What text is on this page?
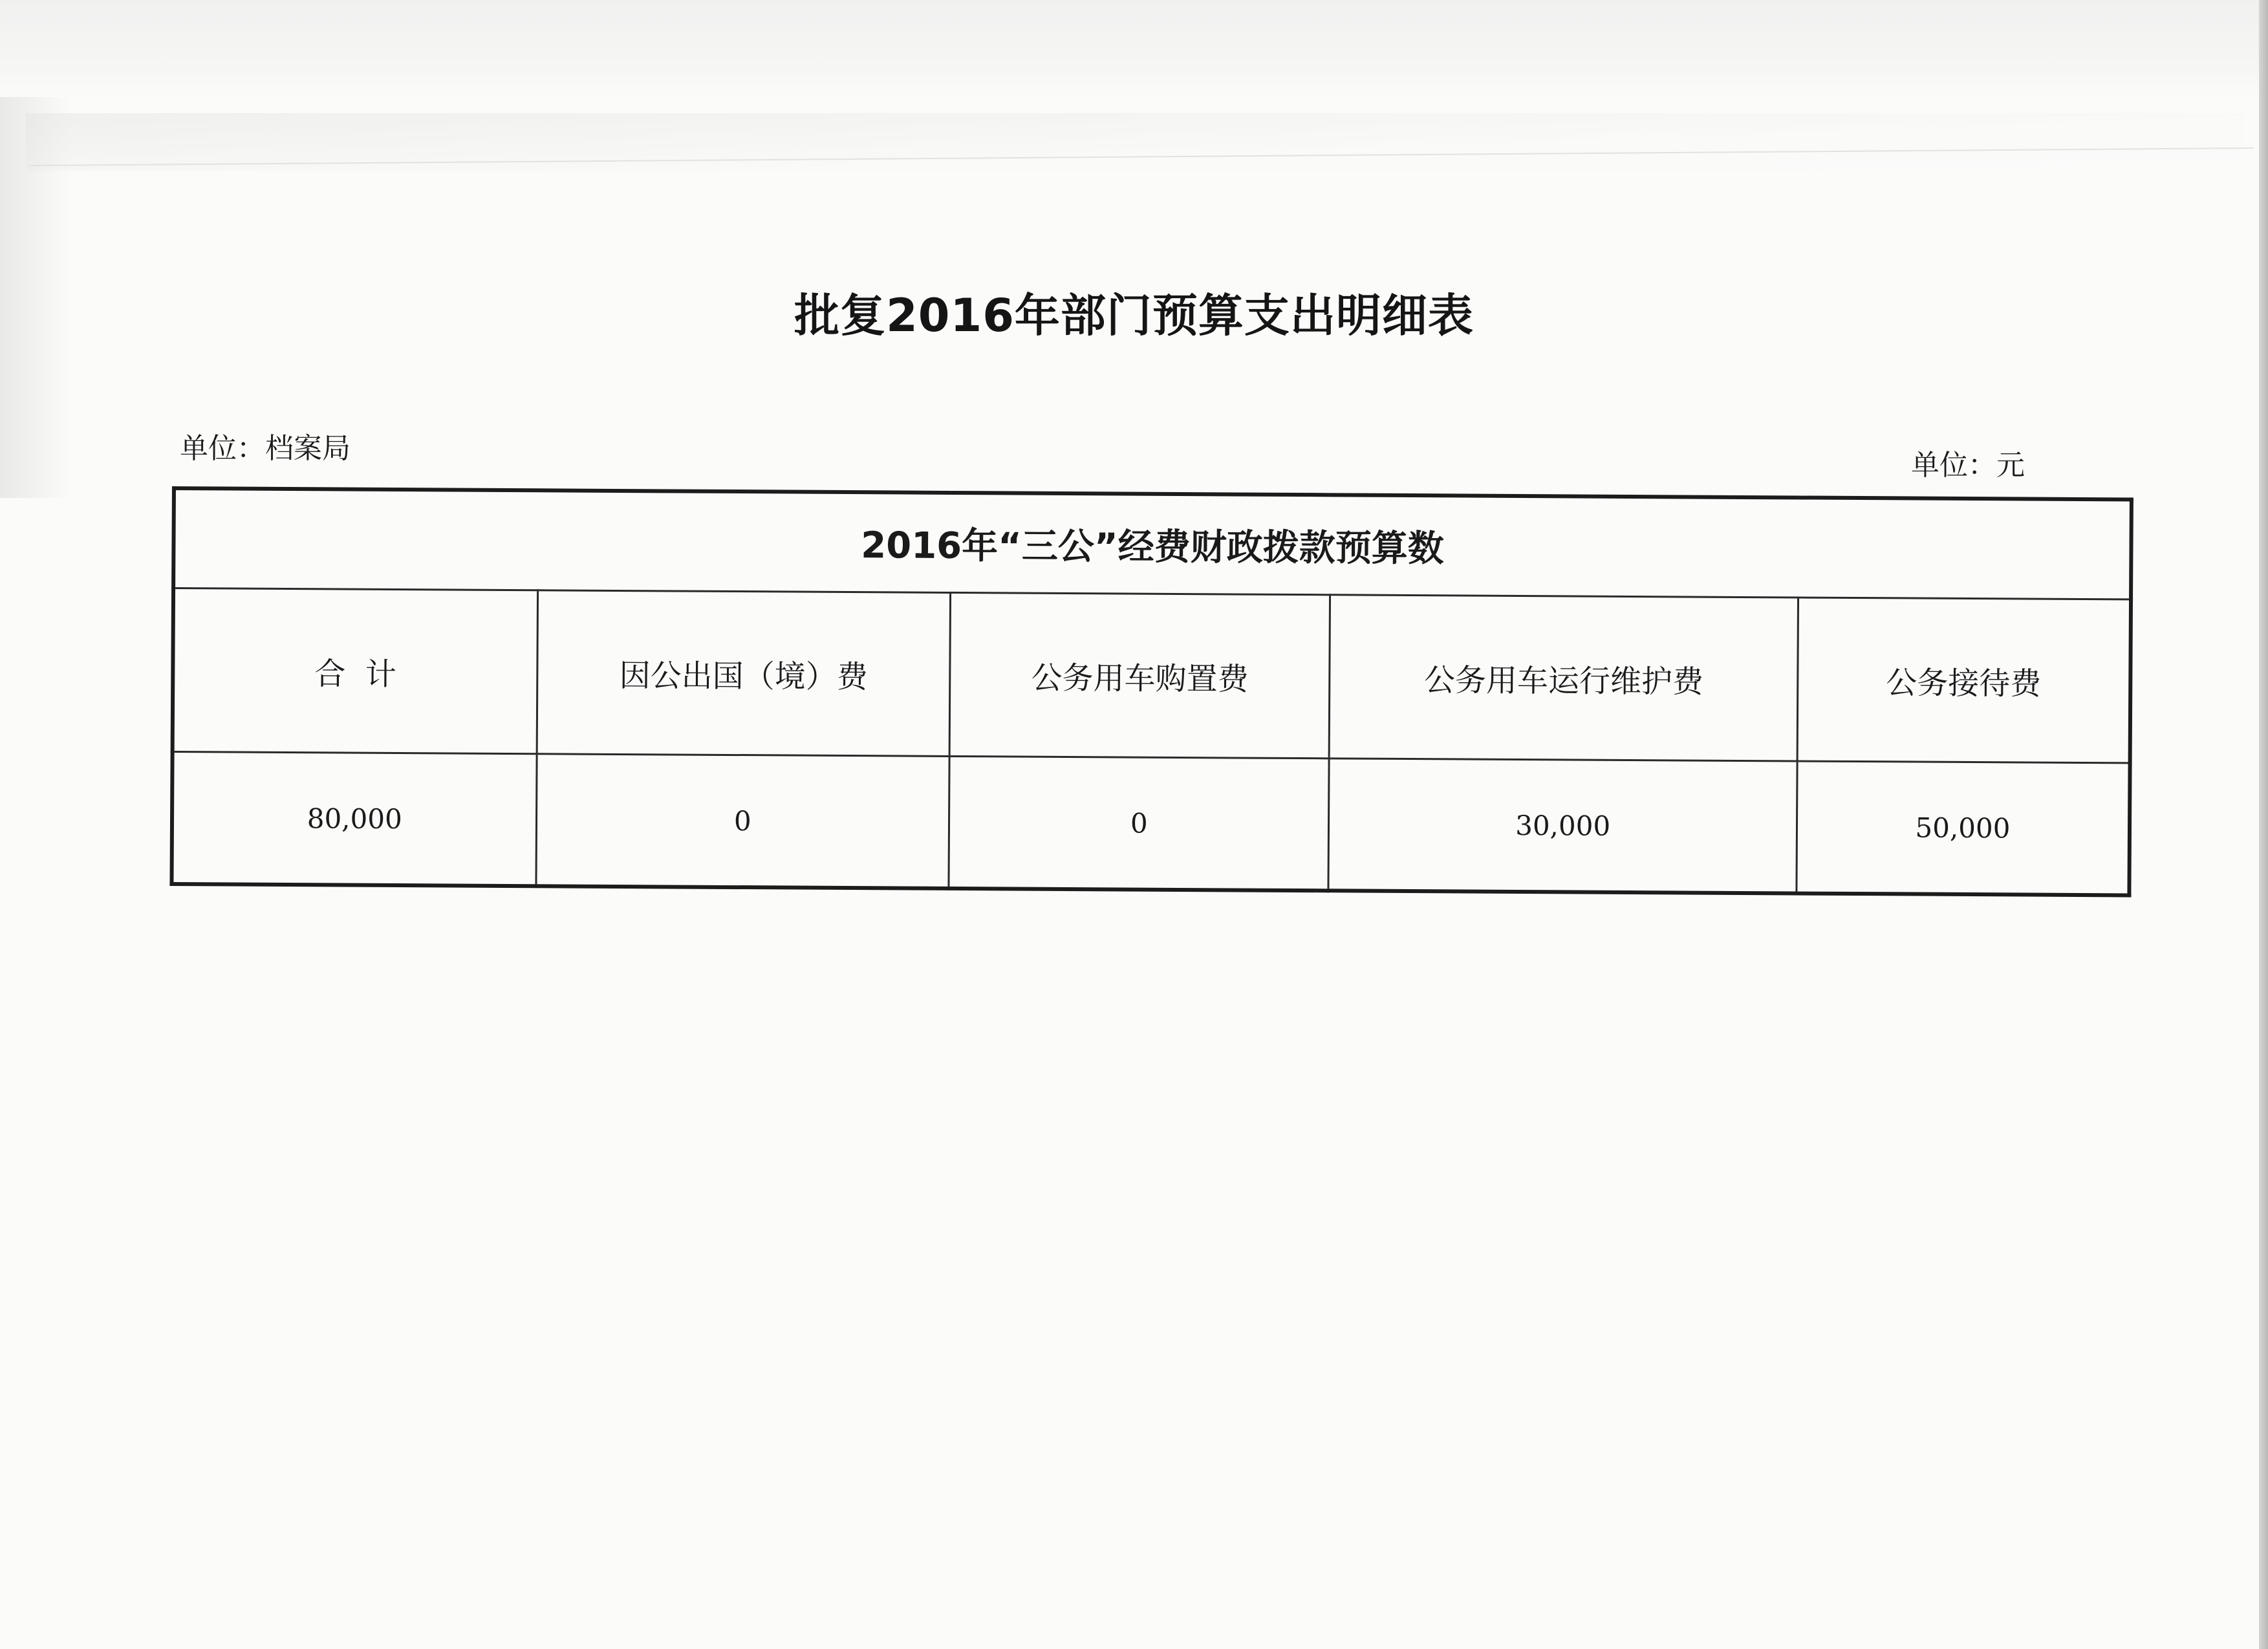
批复2016年部门预算支出明细表
单位：档案局
单位：元
2016年“三公”经费财政拨款预算数				
合  计	因公出国（境）费	公务用车购置费	公务用车运行维护费	公务接待费
80,000	0	0	30,000	50,000
